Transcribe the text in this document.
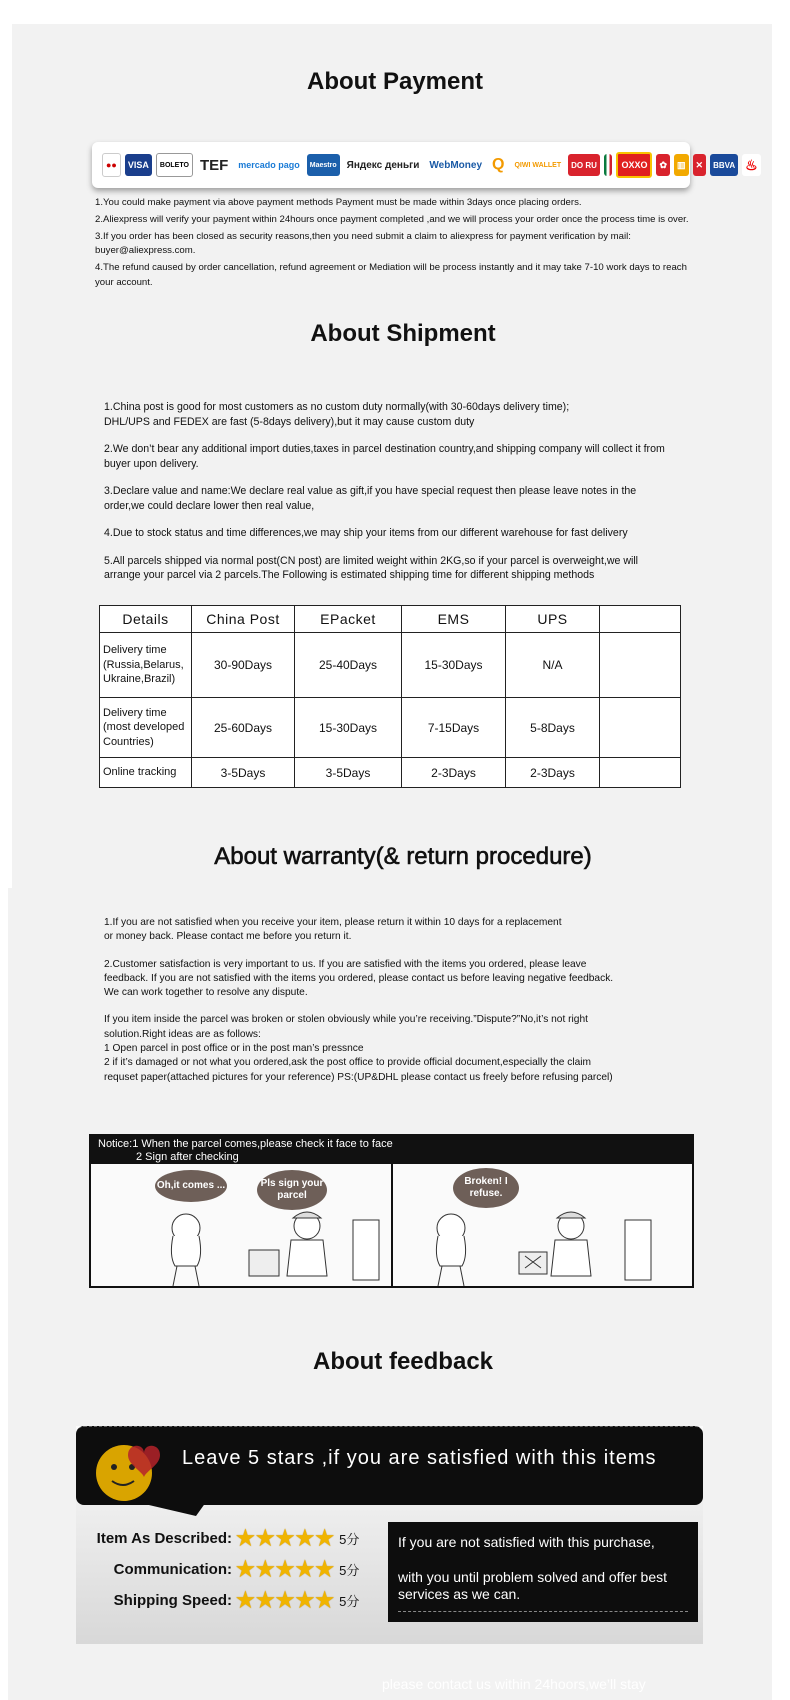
About Payment
●●	VISA	BOLETO TEF	mercado pago	Maestro	Яндекс деньги	WebMoney Q	QIWI WALLET	DO RU	OXXO	✿	▥	✕	BBVA ♨

1.You could make payment via above payment methods Payment must be made within 3days once placing orders.

2.Aliexpress will verify your payment within 24hours once payment completed ,and we will process your order once the process time is over.

3.If you order has been closed as security reasons,then you need submit a claim to aliexpress for payment verification by mail: buyer@aliexpress.com.

4.The refund caused by order cancellation, refund agreement or Mediation will be process instantly and it may take 7-10 work days to reach your account.

About Shipment

1.China post is good for most customers as no custom duty normally(with 30-60days delivery time);
DHL/UPS and FEDEX are fast (5-8days delivery),but it may cause custom duty

2.We don’t bear any additional import duties,taxes in parcel destination country,and shipping company will collect it from buyer upon delivery.

3.Declare value and name:We declare real value as gift,if you have special request then please leave notes in the
order,we could declare lower then real value,

4.Due to stock status and time differences,we may ship your items from our different warehouse for fast delivery

5.All parcels shipped via normal post(CN post) are limited weight within 2KG,so if your parcel is overweight,we will
arrange your parcel via 2 parcels.The Following is estimated shipping time for different shipping methods

Details	China Post	EPacket	EMS	UPS	
Delivery time (Russia,Belarus, Ukraine,Brazil)	30-90Days	25-40Days	15-30Days	N/A	
Delivery time (most developed Countries)	25-60Days	15-30Days	7-15Days	5-8Days	
Online tracking	3-5Days	3-5Days	2-3Days	2-3Days	
About warranty(& return procedure)

1.If you are not satisfied when you receive your item, please return it within 10 days for a replacement
or money back. Please contact me before you return it.

2.Customer satisfaction is very important to us. If you are satisfied with the items you ordered, please leave
feedback. If you are not satisfied with the items you ordered, please contact us before leaving negative feedback.
We can work together to resolve any dispute.

If you item inside the parcel was broken or stolen obviously while you’re receiving.”Dispute?”No,it’s not right
solution.Right ideas are as follows:
1 Open parcel in post office or in the post man’s pressnce
2 if it’s damaged or not what you ordered,ask the post office to provide official document,especially the claim
requset paper(attached pictures for your reference) PS:(UP&DHL please contact us freely before refusing parcel)

Notice:1 When the parcel comes,please check it face to face
2 Sign after checking
Oh,it comes ...	Pls sign your parcel
Broken! I refuse.
About feedback
Leave 5 stars ,if you are satisfied with this items
Item As Described: ★★★★★ 5分
Communication: ★★★★★ 5分
Shipping Speed: ★★★★★ 5分

If you are not satisfied with this purchase,

with you until problem solved and offer best services as we can.

please contact us within 24hoors,we’ll stay
